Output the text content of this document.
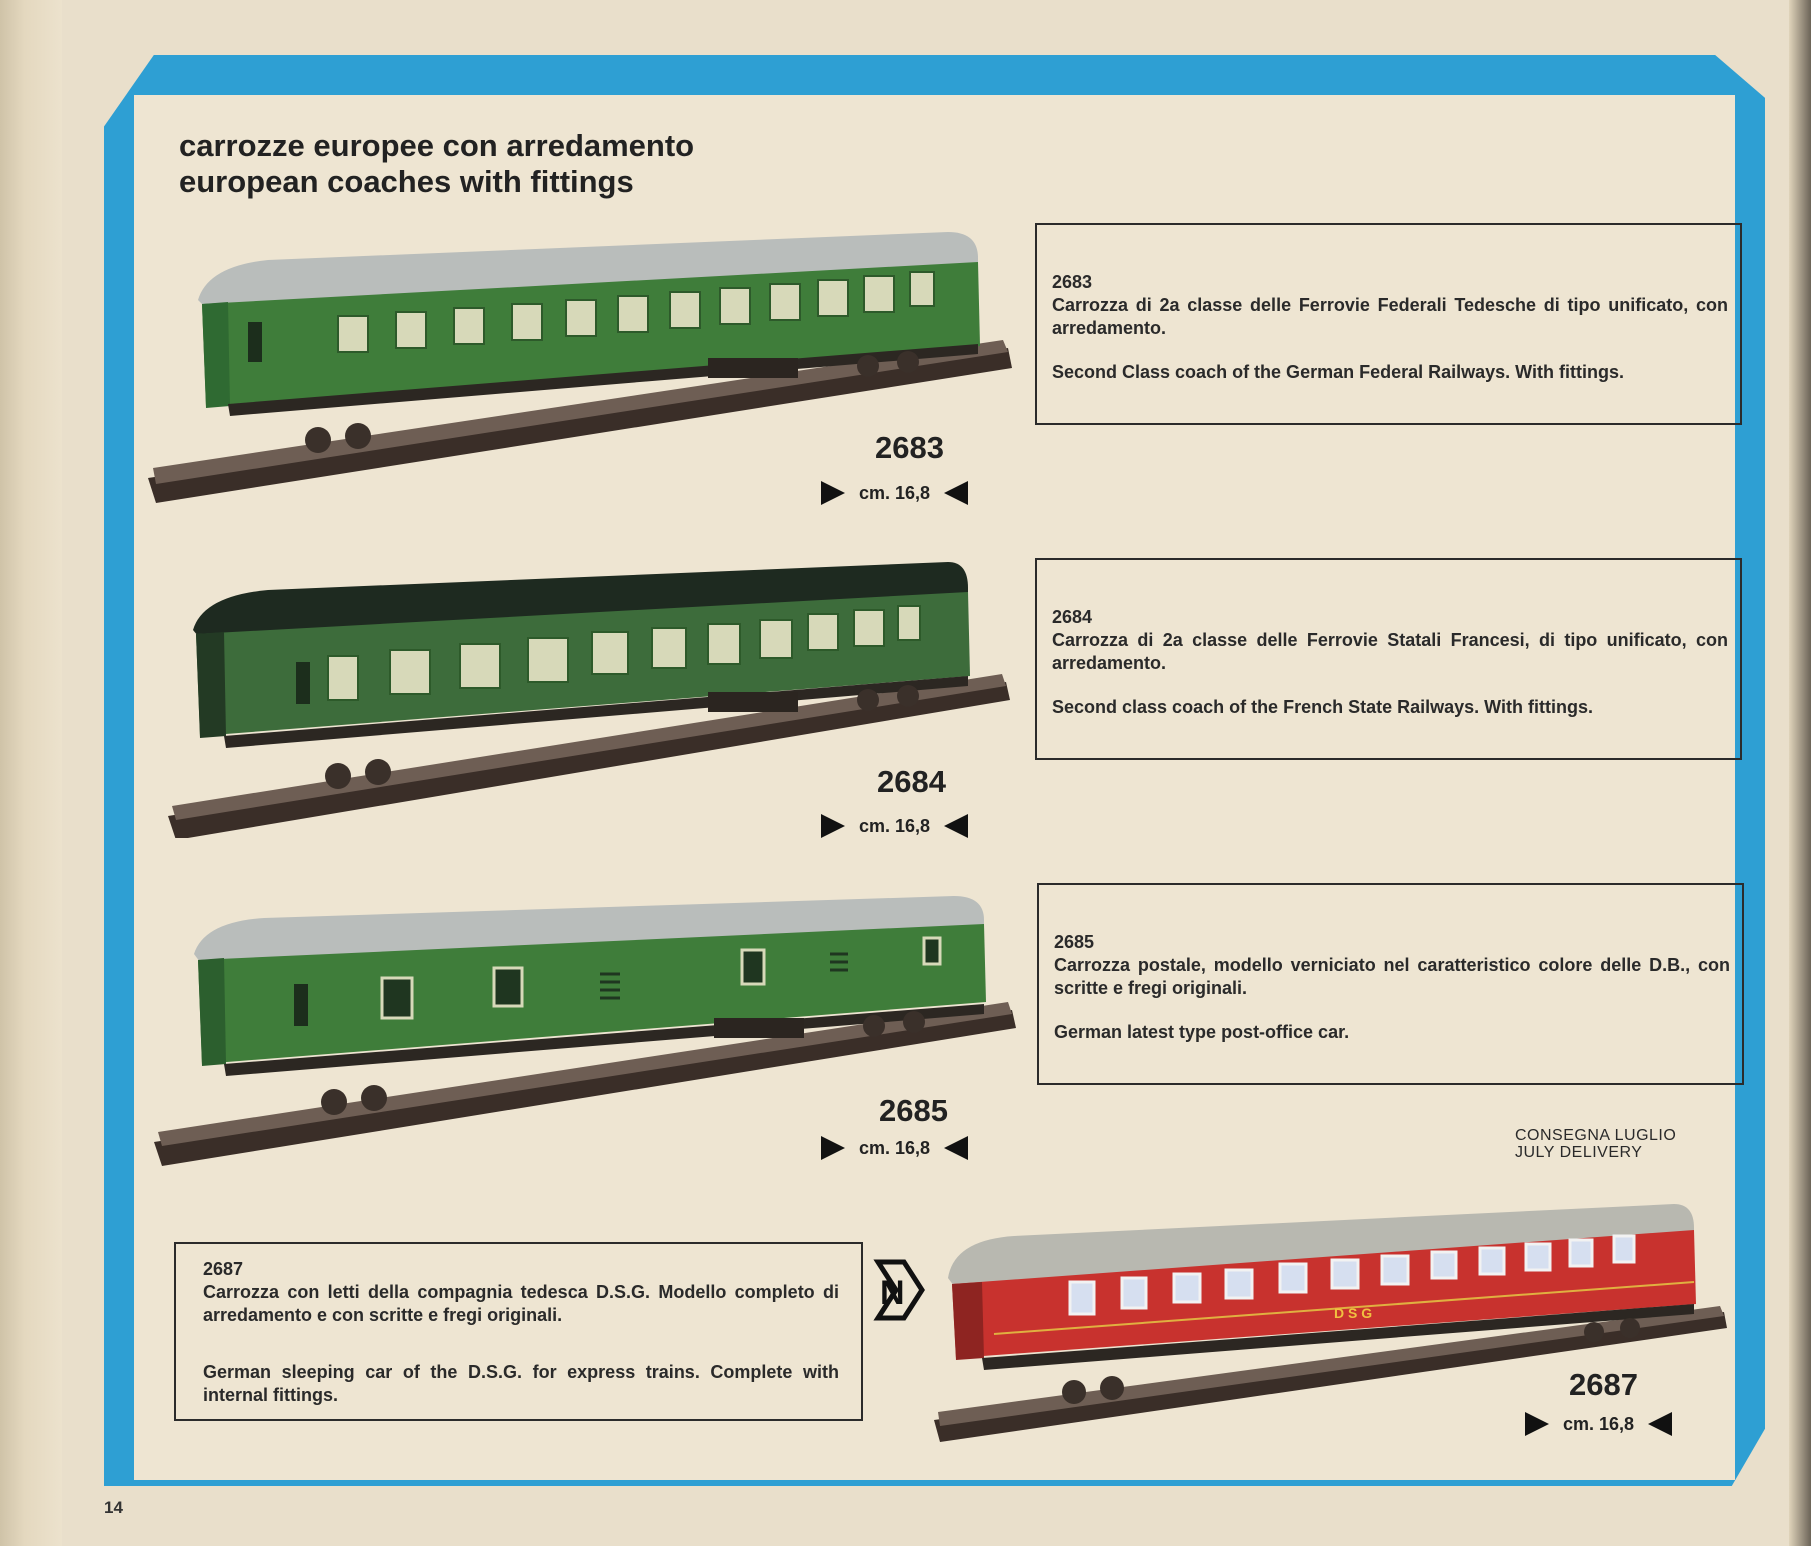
carrozze europee con arredamento
european coaches with fittings
2683
Carrozza di 2a classe delle Ferrovie Federali Tedesche di tipo unificato, con arredamento.
Second Class coach of the German Federal Railways. With fittings.
2683
cm. 16,8
2684
Carrozza di 2a classe delle Ferrovie Statali Francesi, di tipo unificato, con arredamento.
Second class coach of the French State Railways. With fittings.
2684
cm. 16,8
2685
Carrozza postale, modello verniciato nel caratteristico colore delle D.B., con scritte e fregi originali.
German latest type post-office car.
2685
cm. 16,8
CONSEGNA LUGLIO
JULY DELIVERY
2687
Carrozza con letti della compagnia tedesca D.S.G. Modello completo di arredamento e con scritte e fregi originali.
German sleeping car of the D.S.G. for express trains. Complete with internal fittings.
N
D S G
2687
cm. 16,8
14
